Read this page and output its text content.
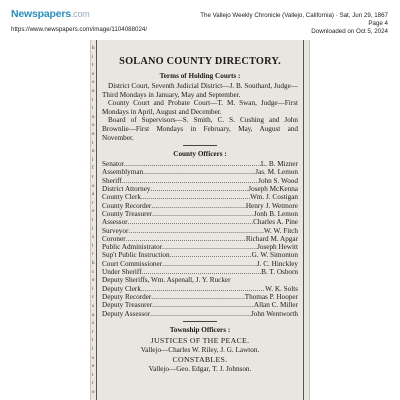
Newspapers.com
https://www.newspapers.com/image/1104088024/
The Vallejo Weekly Chronicle (Vallejo, California) · Sat, Jun 29, 1867
Page 4
Downloaded on Oct 5, 2024
h
i
t
e
o
n
t
i
n
o
n
t
n
l
f
r
o
a
r
e
t
l
s
l
r
h
c
o
i
c
s
a
s
r
t
l
s
e
t
r
o
SOLANO COUNTY DIRECTORY.
Terms of Holding Courts :

District Court, Seventh Judicial District—J. B. Southard, Judge—Third Mondays in January, May and September.

County Court and Probate Court—T. M. Swan, Judge—First Mondays in April, August and December.

Board of Supervisors—S. Smith, C. S. Cushing and John Brownlie—First Mondays in February, May, August and November.

County Officers :
Senator .....	L. B. Mizner
Assemblyman .....	Jas. M. Lemon
Sheriff .....	John S. Wood
District Attorney .....	Joseph McKenna
County Clerk .....	Wm. J. Costigan
County Recorder .....	Henry J. Wetmore
County Treasurer .....	Jonh B. Lemon
Assessor .....	Charles A. Pine
Surveyor .....	W. W. Fitch
Coroner .....	Richard M. Apgar
Public Administrator .....	Joseph Hewitt
Sup't Public Instruction .....	G. W. Simonton
Court Commissioner .....	J. C. Hinckley
Under Sheriff .....	B. T. Osborn
Deputy Sheriffs, Wm. Aspenall, J. Y. Rucker
Deputy Clerk .....	W. K. Solts
Deputy Recorder .....	Thomas P. Hooper
Deputy Treasurer .....	Allan C. Miller
Deputy Assessor .....	John Wentworth
Township Officers :
JUSTICES OF THE PEACE.
Vallejo—Charles W. Riley, J. G. Lawton.
CONSTABLES.
Vallejo—Geo. Edgar, T. J. Johnson.
